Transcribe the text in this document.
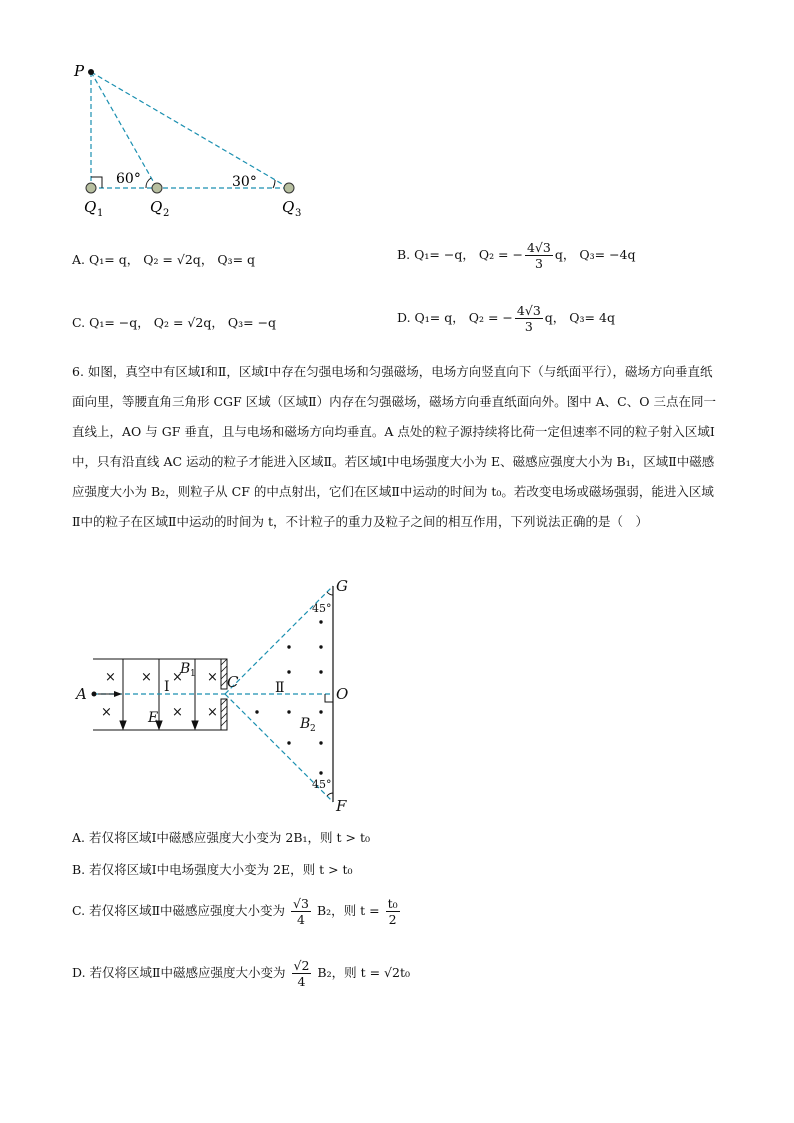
P
60°	30°
Q 1	Q 2	Q 3
A. Q₁= q， Q₂ = √2q， Q₃= q	B. Q₁= −q， Q₂ = − $\frac{4√3}{3}$ q， Q₃= −4q
C. Q₁= −q， Q₂ = √2q， Q₃= −q	D. Q₁= q， Q₂ = − $\frac{4√3}{3}$ q， Q₃= 4q
6. 如图，真空中有区域Ⅰ和Ⅱ，区域Ⅰ中存在匀强电场和匀强磁场，电场方向竖直向下（与纸面平行），磁场方向垂直纸面向里，等腰直角三角形 CGF 区域（区域Ⅱ）内存在匀强磁场，磁场方向垂直纸面向外。图中 A、C、O 三点在同一直线上，AO 与 GF 垂直，且与电场和磁场方向均垂直。A 点处的粒子源持续将比荷一定但速率不同的粒子射入区域Ⅰ中，只有沿直线 AC 运动的粒子才能进入区域Ⅱ。若区域Ⅰ中电场强度大小为 E、磁感应强度大小为 B₁，区域Ⅱ中磁感应强度大小为 B₂，则粒子从 CF 的中点射出，它们在区域Ⅱ中运动的时间为 t₀。若改变电场或磁场强弱，能进入区域Ⅱ中的粒子在区域Ⅱ中运动的时间为 t，不计粒子的重力及粒子之间的相互作用，下列说法正确的是（　）
× × × ×
×	× ×
A
C
O
G
F
E
B 1
B 2
Ⅰ	Ⅱ
45°
45°
A. 若仅将区域Ⅰ中磁感应强度大小变为 2B₁，则 t > t₀
B. 若仅将区域Ⅰ中电场强度大小变为 2E，则 t > t₀
C. 若仅将区域Ⅱ中磁感应强度大小变为 $\frac{√3}{4} B_2$，则 $t = \frac{\text{t₀}}{2}$
D. 若仅将区域Ⅱ中磁感应强度大小变为 $\frac{√2}{4} B_2$，则 t = √2t₀
